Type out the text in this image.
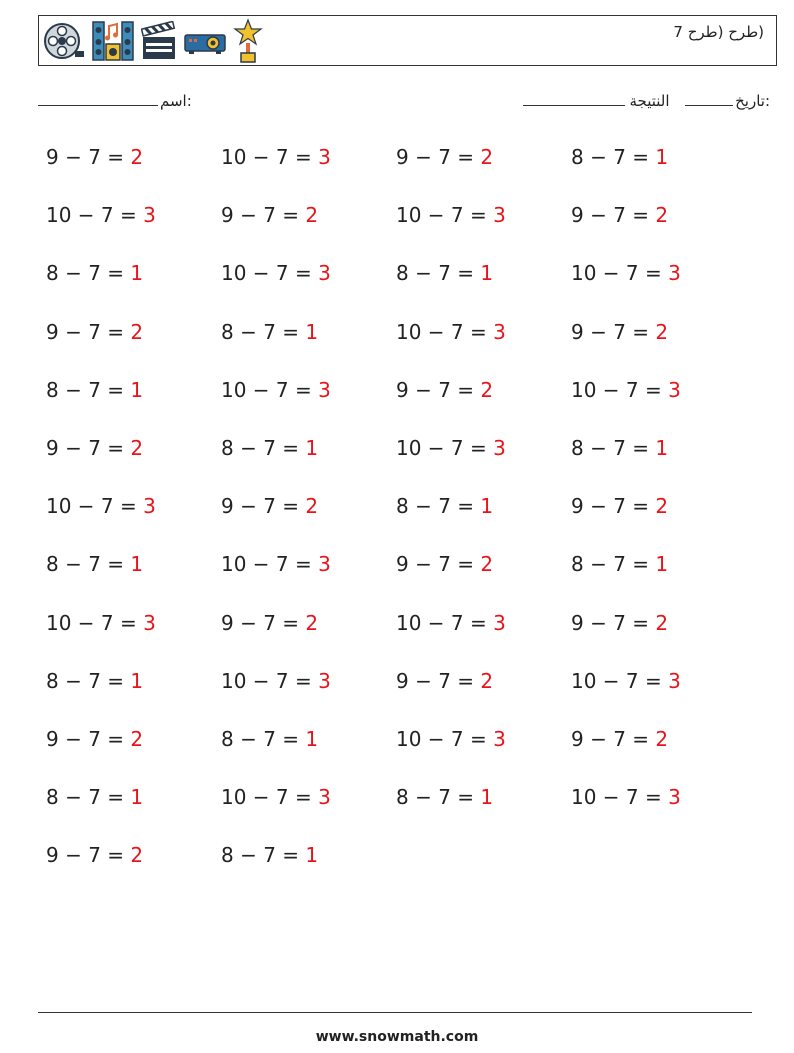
(طرح (طرح 7
:اسم	:تاريخ  النتيجة
9 − 7 = 2	10 − 7 = 3	9 − 7 = 2	8 − 7 = 1
10 − 7 = 3	9 − 7 = 2	10 − 7 = 3	9 − 7 = 2
8 − 7 = 1	10 − 7 = 3	8 − 7 = 1	10 − 7 = 3
9 − 7 = 2	8 − 7 = 1	10 − 7 = 3	9 − 7 = 2
8 − 7 = 1	10 − 7 = 3	9 − 7 = 2	10 − 7 = 3
9 − 7 = 2	8 − 7 = 1	10 − 7 = 3	8 − 7 = 1
10 − 7 = 3	9 − 7 = 2	8 − 7 = 1	9 − 7 = 2
8 − 7 = 1	10 − 7 = 3	9 − 7 = 2	8 − 7 = 1
10 − 7 = 3	9 − 7 = 2	10 − 7 = 3	9 − 7 = 2
8 − 7 = 1	10 − 7 = 3	9 − 7 = 2	10 − 7 = 3
9 − 7 = 2	8 − 7 = 1	10 − 7 = 3	9 − 7 = 2
8 − 7 = 1	10 − 7 = 3	8 − 7 = 1	10 − 7 = 3
9 − 7 = 2	8 − 7 = 1
www.snowmath.com
